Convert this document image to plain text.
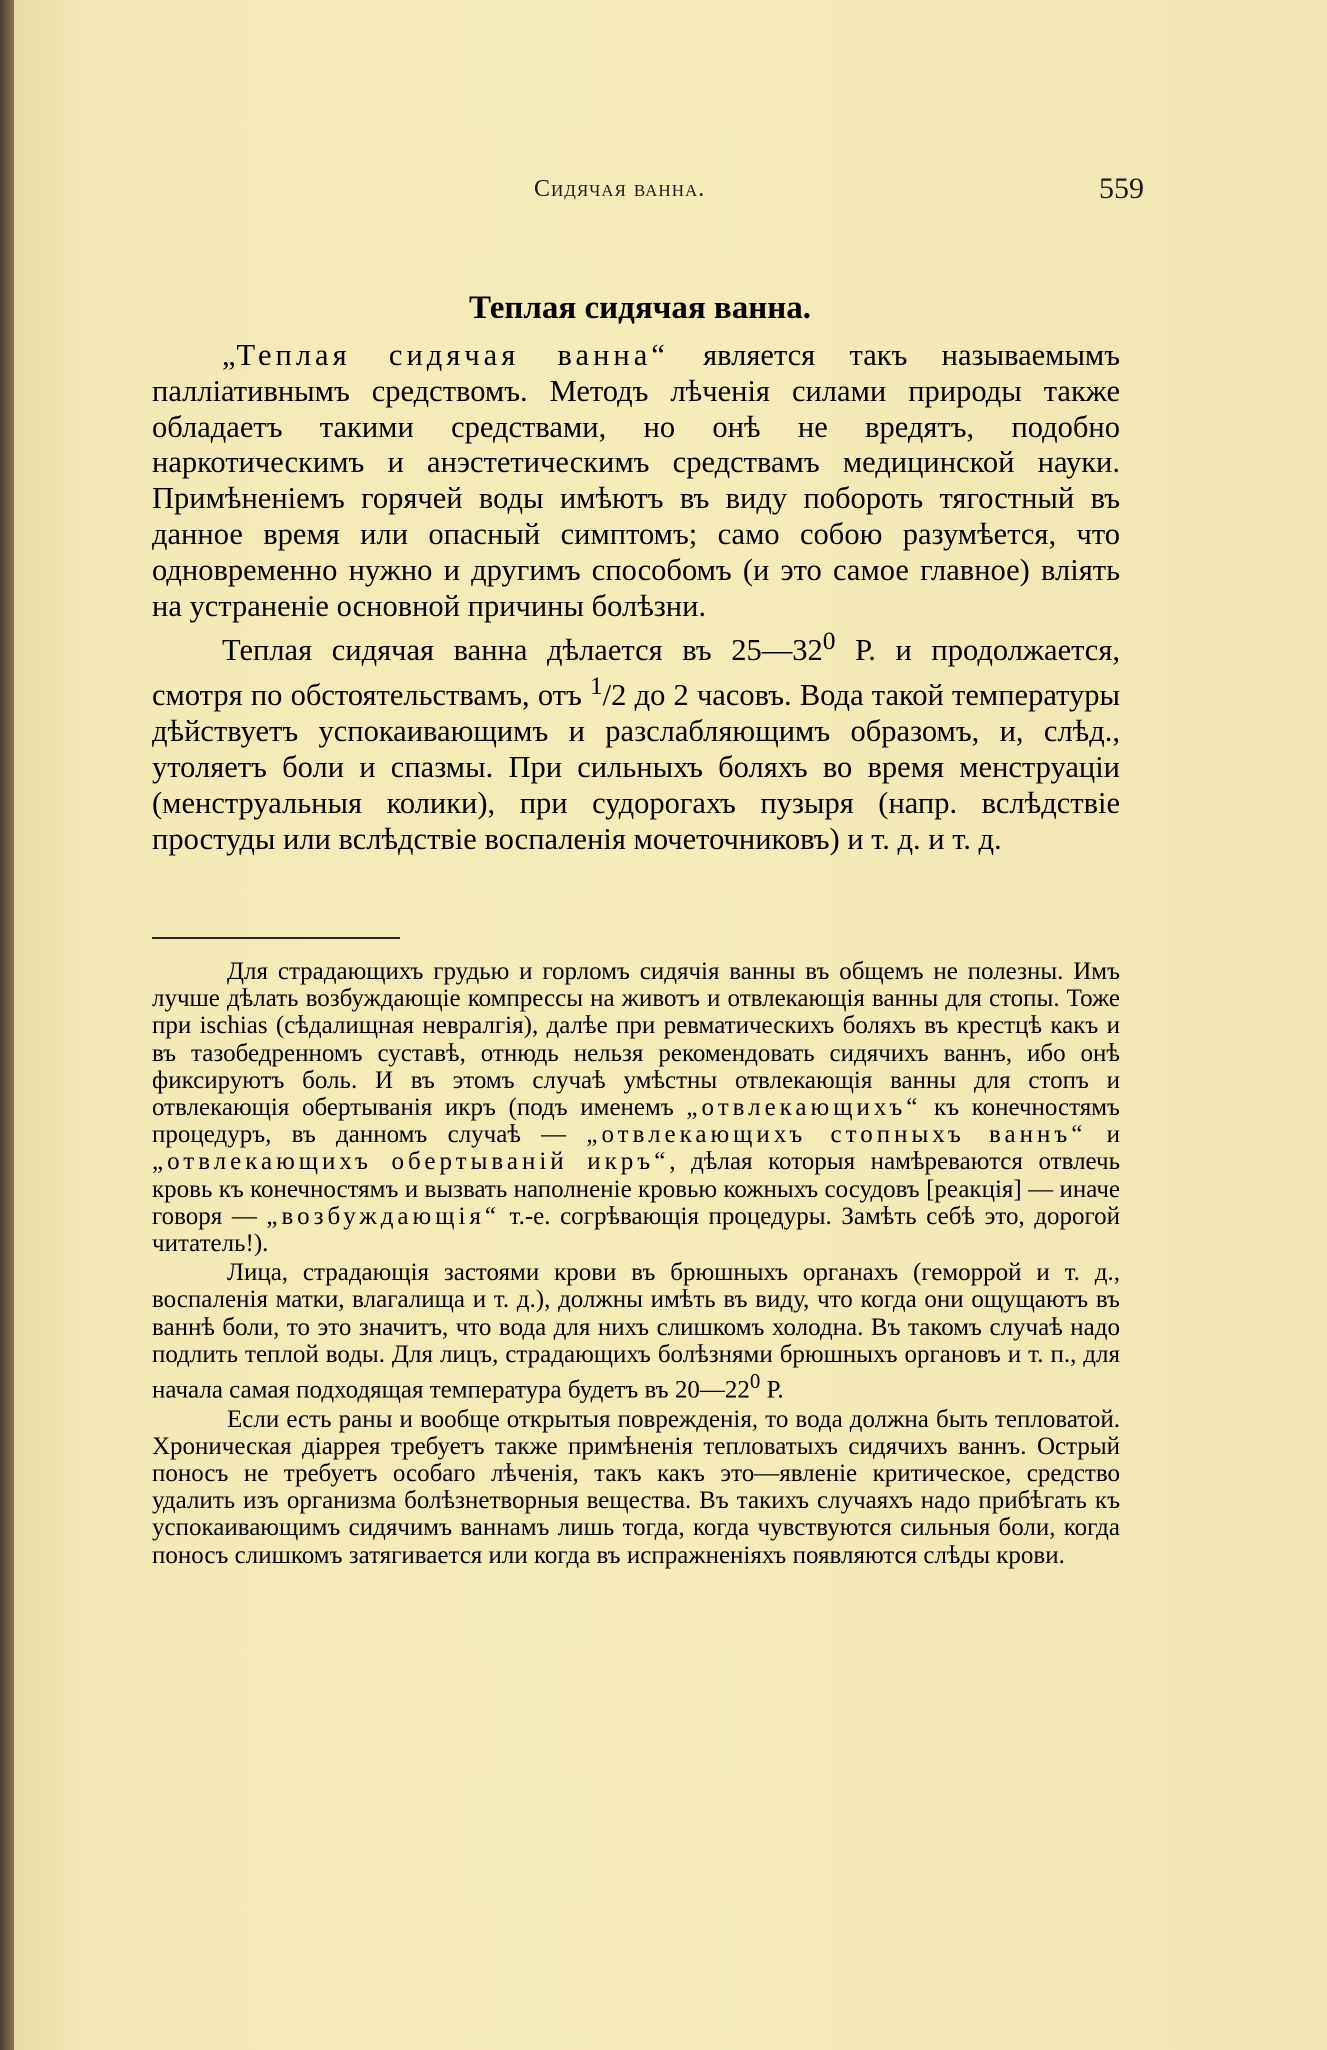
Сидячая ванна.	559
Теплая сидячая ванна.

„Теплая сидячая ванна“ является такъ называемымъ палліативнымъ средствомъ. Методъ лѣченія силами природы также обладаетъ такими средствами, но онѣ не вредятъ, подобно наркотическимъ и анэстетическимъ средствамъ медицинской науки. Примѣненіемъ горячей воды имѣютъ въ виду побороть тягостный въ данное время или опасный симптомъ; само собою разумѣется, что одновременно нужно и другимъ способомъ (и это самое главное) вліять на устраненіе основной причины болѣзни.

Теплая сидячая ванна дѣлается въ $25—32^0$ Р. и продолжается, смотря по обстоятельствамъ, отъ $^1$/2 до 2 часовъ. Вода такой температуры дѣйствуетъ успокаивающимъ и разслабляющимъ образомъ, и, слѣд., утоляетъ боли и спазмы. При сильныхъ боляхъ во время менструаціи (менструальныя колики), при судорогахъ пузыря (напр. вслѣдствіе простуды или вслѣдствіе воспаленія мочеточниковъ) и т. д. и т. д.

Для страдающихъ грудью и горломъ сидячія ванны въ общемъ не полезны. Имъ лучше дѣлать возбуждающіе компрессы на животъ и отвлекающія ванны для стопы. Тоже при ischias (сѣдалищная невралгія), далѣе при ревматическихъ боляхъ въ крестцѣ какъ и въ тазобедренномъ суставѣ, отнюдь нельзя рекомендовать сидячихъ ваннъ, ибо онѣ фиксируютъ боль. И въ этомъ случаѣ умѣстны отвлекающія ванны для стопъ и отвлекающія обертыванія икръ (подъ именемъ „отвлекающихъ“ къ конечностямъ процедуръ, въ данномъ случаѣ — „отвлекающихъ стопныхъ ваннъ“ и „отвлекающихъ обертываній икръ“, дѣлая которыя намѣреваются отвлечь кровь къ конечностямъ и вызвать наполненіе кровью кожныхъ сосудовъ [реакція] — иначе говоря — „возбуждающія“ т.-е. согрѣвающія процедуры. Замѣть себѣ это, дорогой читатель!).

Лица, страдающія застоями крови въ брюшныхъ органахъ (геморрой и т. д., воспаленія матки, влагалища и т. д.), должны имѣть въ виду, что когда они ощущаютъ въ ваннѣ боли, то это значитъ, что вода для нихъ слишкомъ холодна. Въ такомъ случаѣ надо подлить теплой воды. Для лицъ, страдающихъ болѣзнями брюшныхъ органовъ и т. п., для начала самая подходящая температура будетъ въ $20—22^0$ Р.

Если есть раны и вообще открытыя поврежденія, то вода должна быть тепловатой. Хроническая діаррея требуетъ также примѣненія тепловатыхъ сидячихъ ваннъ. Острый поносъ не требуетъ особаго лѣченія, такъ какъ это—явленіе критическое, средство удалить изъ организма болѣзнетворныя вещества. Въ такихъ случаяхъ надо прибѣгать къ успокаивающимъ сидячимъ ваннамъ лишь тогда, когда чувствуются сильныя боли, когда поносъ слишкомъ затягивается или когда въ испражненіяхъ появляются слѣды крови.
